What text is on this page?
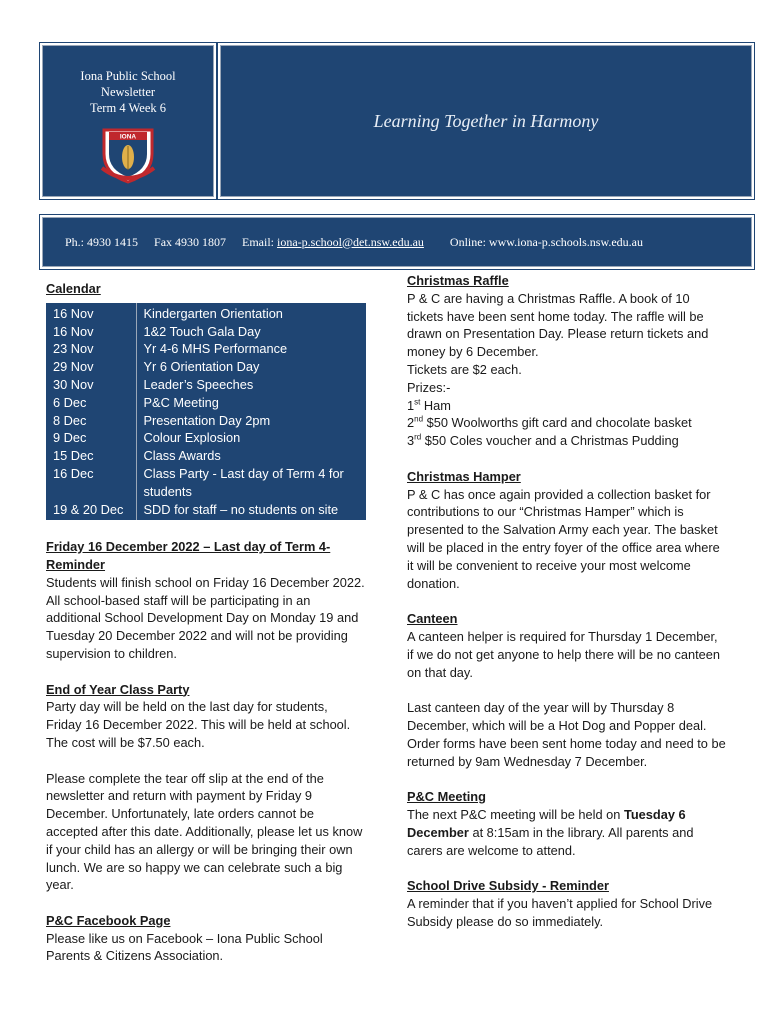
Iona Public School
Newsletter
Term 4 Week 6
IONA
Learning Together in Harmony
Ph.: 4930 1415 Fax 4930 1807 Email:
iona-p.school@det.nsw.edu.au Online: www.iona-p.schools.nsw.edu.au
Calendar
16 Nov	Kindergarten Orientation
16 Nov	1&2 Touch Gala Day
23 Nov	Yr 4-6 MHS Performance
29 Nov	Yr 6 Orientation Day
30 Nov	Leader’s Speeches
6 Dec	P&C Meeting
8 Dec	Presentation Day 2pm
9 Dec	Colour Explosion
15 Dec	Class Awards
16 Dec	Class Party - Last day of Term 4 for students
19 & 20 Dec	SDD for staff – no students on site
Friday 16 December 2022 – Last day of Term 4- Reminder
Students will finish school on Friday 16 December 2022. All school-based staff will be participating in an additional School Development Day on Monday 19 and Tuesday 20 December 2022 and will not be providing supervision to children.
End of Year Class Party
Party day will be held on the last day for students, Friday 16 December 2022. This will be held at school. The cost will be $7.50 each.
Please complete the tear off slip at the end of the newsletter and return with payment by Friday 9 December. Unfortunately, late orders cannot be accepted after this date. Additionally, please let us know if your child has an allergy or will be bringing their own lunch. We are so happy we can celebrate such a big year.
P&C Facebook Page
Please like us on Facebook – Iona Public School Parents & Citizens Association.
Christmas Raffle
P & C are having a Christmas Raffle. A book of 10 tickets have been sent home today. The raffle will be drawn on Presentation Day. Please return tickets and money by 6 December.
Tickets are $2 each.
Prizes:-
1st Ham
2nd $50 Woolworths gift card and chocolate basket
3rd $50 Coles voucher and a Christmas Pudding
Christmas Hamper
P & C has once again provided a collection basket for contributions to our “Christmas Hamper” which is presented to the Salvation Army each year. The basket will be placed in the entry foyer of the office area where it will be convenient to receive your most welcome donation.
Canteen
A canteen helper is required for Thursday 1 December, if we do not get anyone to help there will be no canteen on that day.
Last canteen day of the year will by Thursday 8 December, which will be a Hot Dog and Popper deal. Order forms have been sent home today and need to be returned by 9am Wednesday 7 December.
P&C Meeting
The next P&C meeting will be held on Tuesday 6 December at 8:15am in the library. All parents and carers are welcome to attend.
School Drive Subsidy - Reminder
A reminder that if you haven’t applied for School Drive Subsidy please do so immediately.
